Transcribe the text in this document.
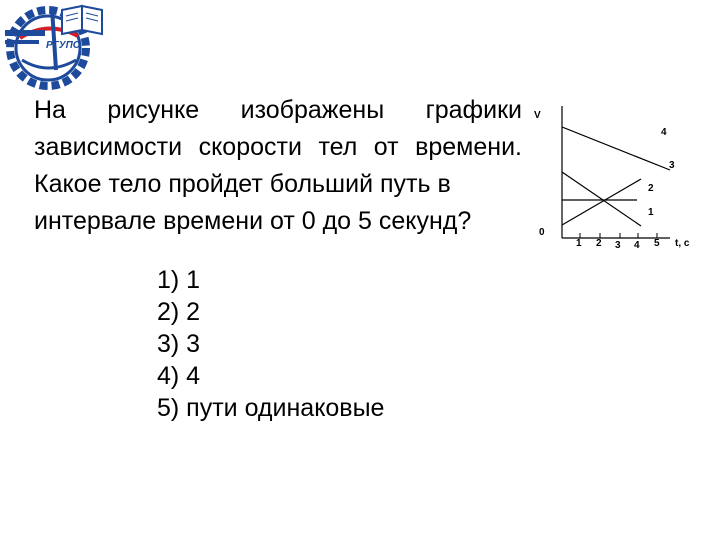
РГУПС

На рисунке изображены графики зависимости скорости тел от времени. Какое тело пройдет больший путь в
интервале времени от 0 до 5 секунд?

1) 1
2) 2
3) 3
4) 4
5) пути одинаковые
V
0
t, c
1 2 3 4 5
4
3
2
1
